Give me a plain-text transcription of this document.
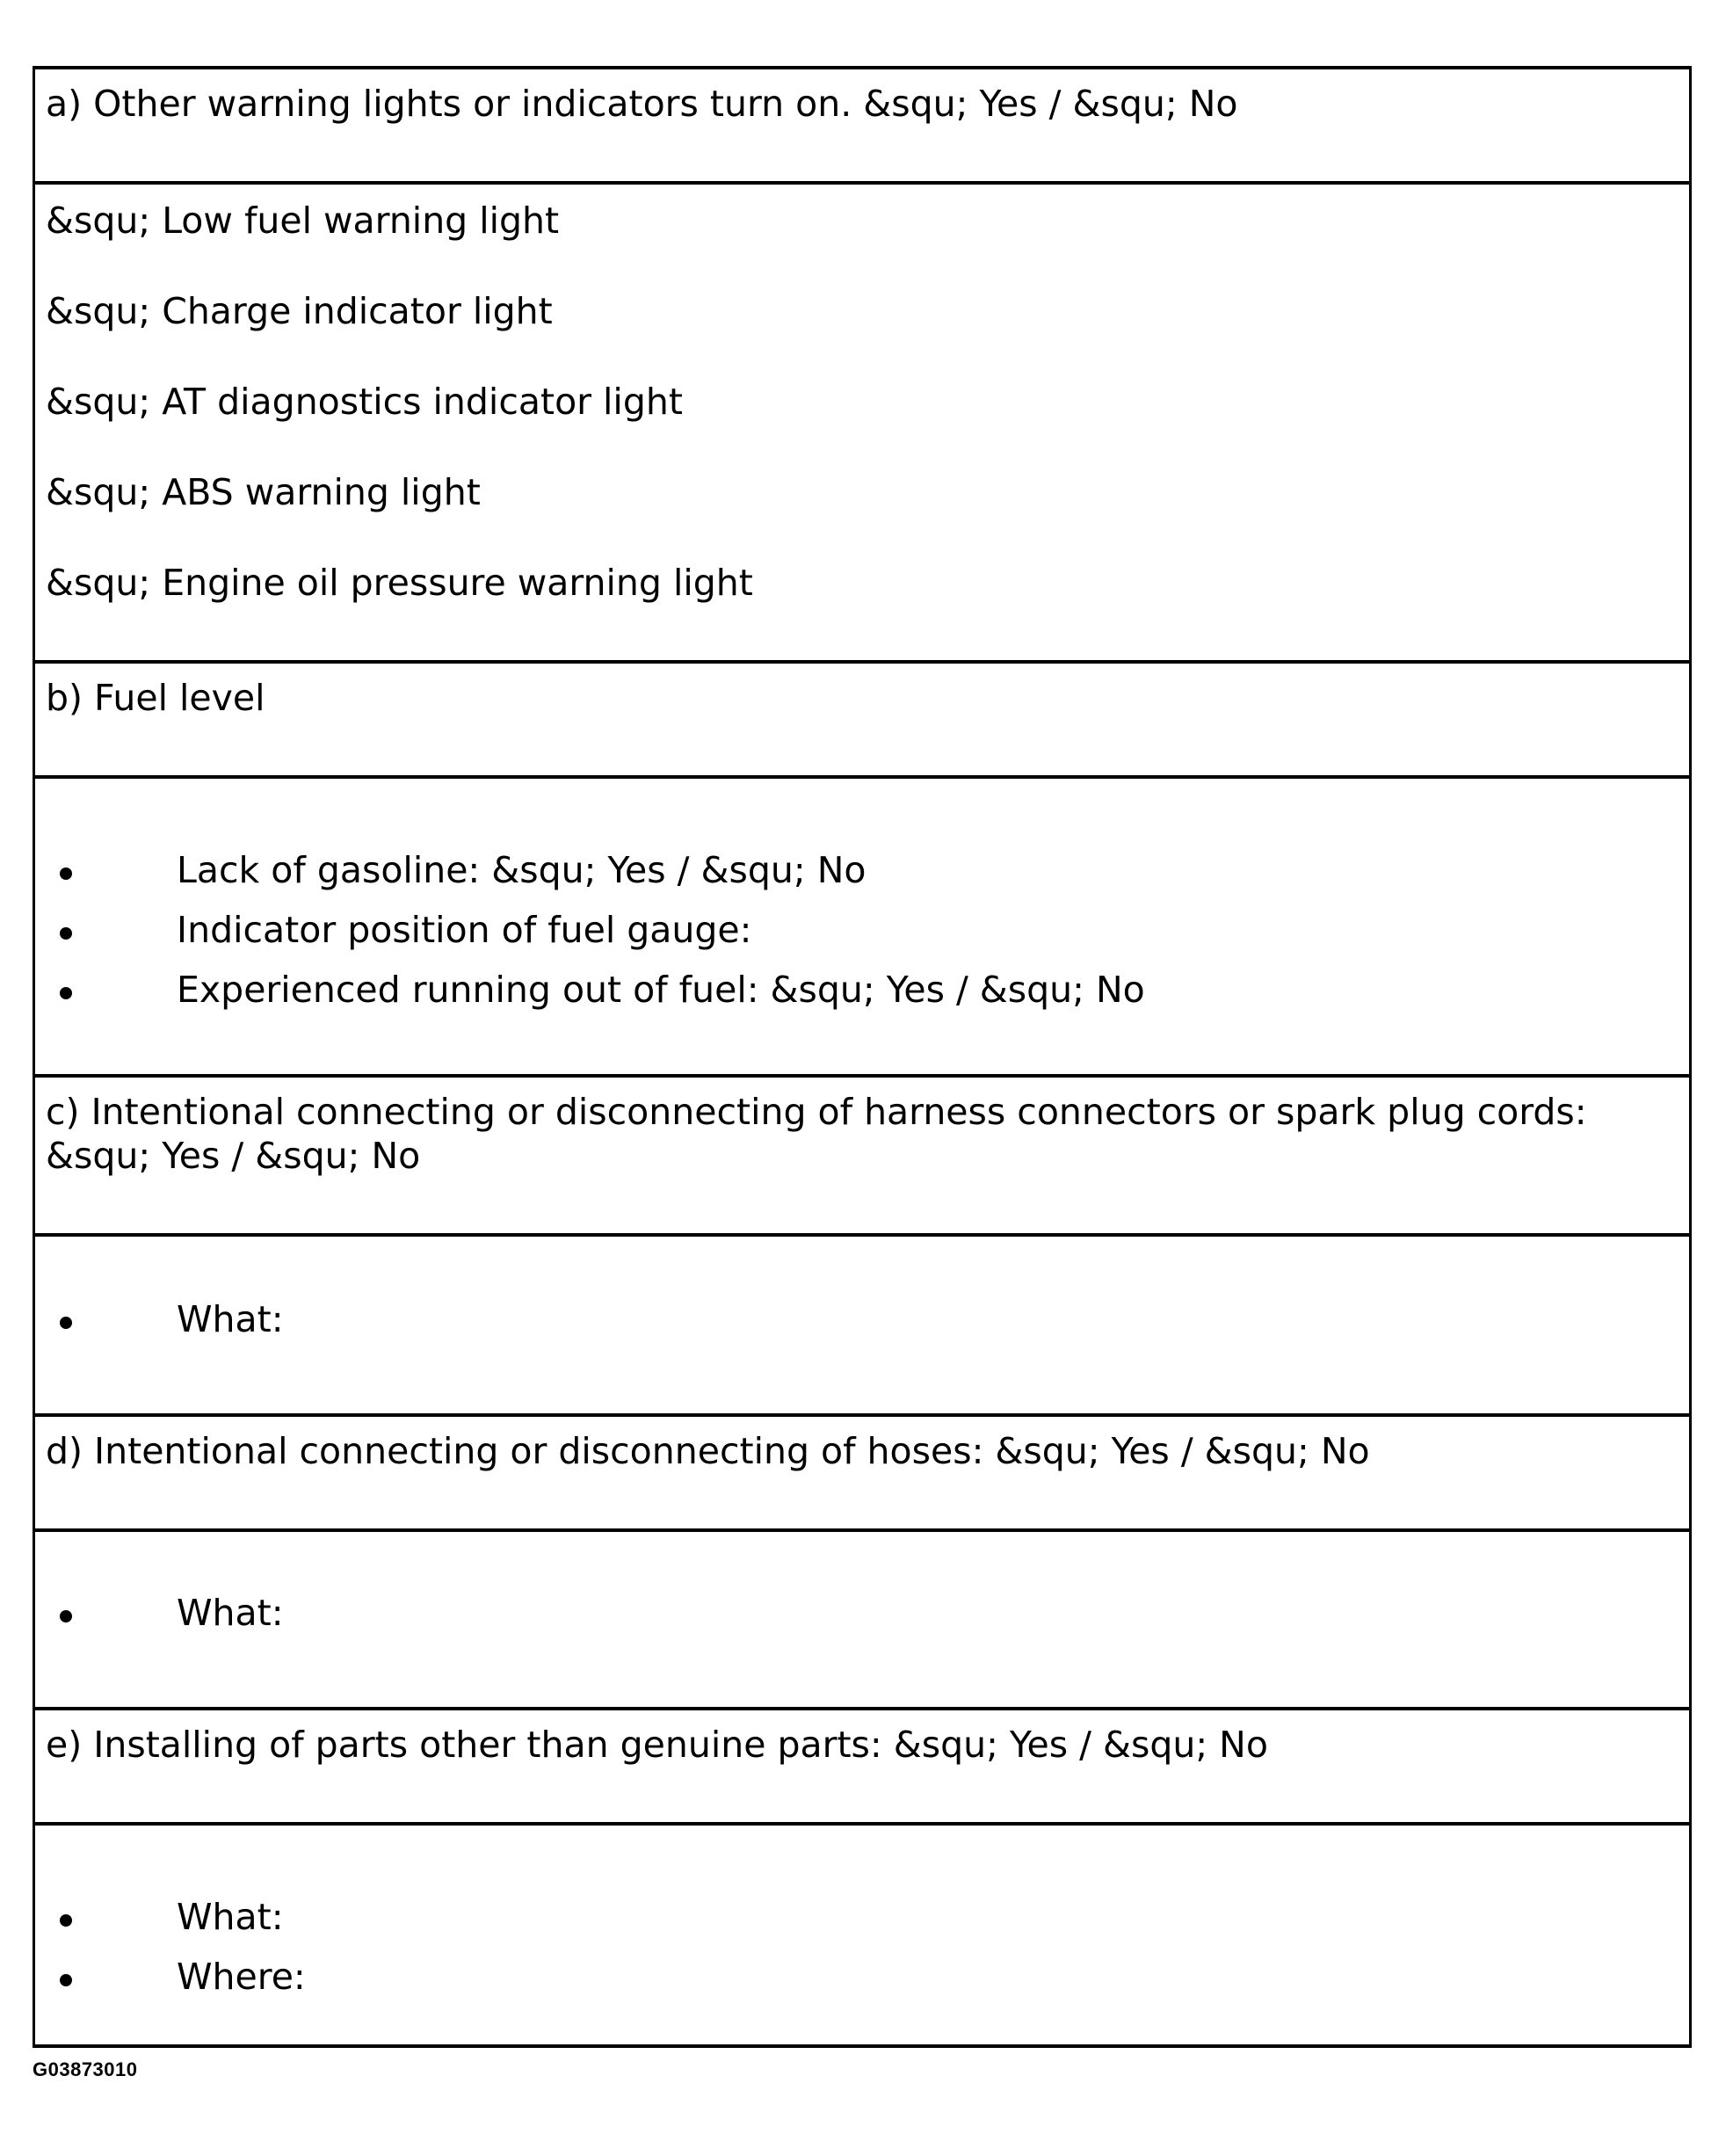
a) Other warning lights or indicators turn on. &squ; Yes / &squ; No
&squ; Low fuel warning light
&squ; Charge indicator light
&squ; AT diagnostics indicator light
&squ; ABS warning light
&squ; Engine oil pressure warning light
b) Fuel level
Lack of gasoline: &squ; Yes / &squ; No
Indicator position of fuel gauge:
Experienced running out of fuel: &squ; Yes / &squ; No
c) Intentional connecting or disconnecting of harness connectors or spark plug cords:
&squ; Yes / &squ; No
What:
d) Intentional connecting or disconnecting of hoses: &squ; Yes / &squ; No
What:
e) Installing of parts other than genuine parts: &squ; Yes / &squ; No
What:
Where:
G03873010
